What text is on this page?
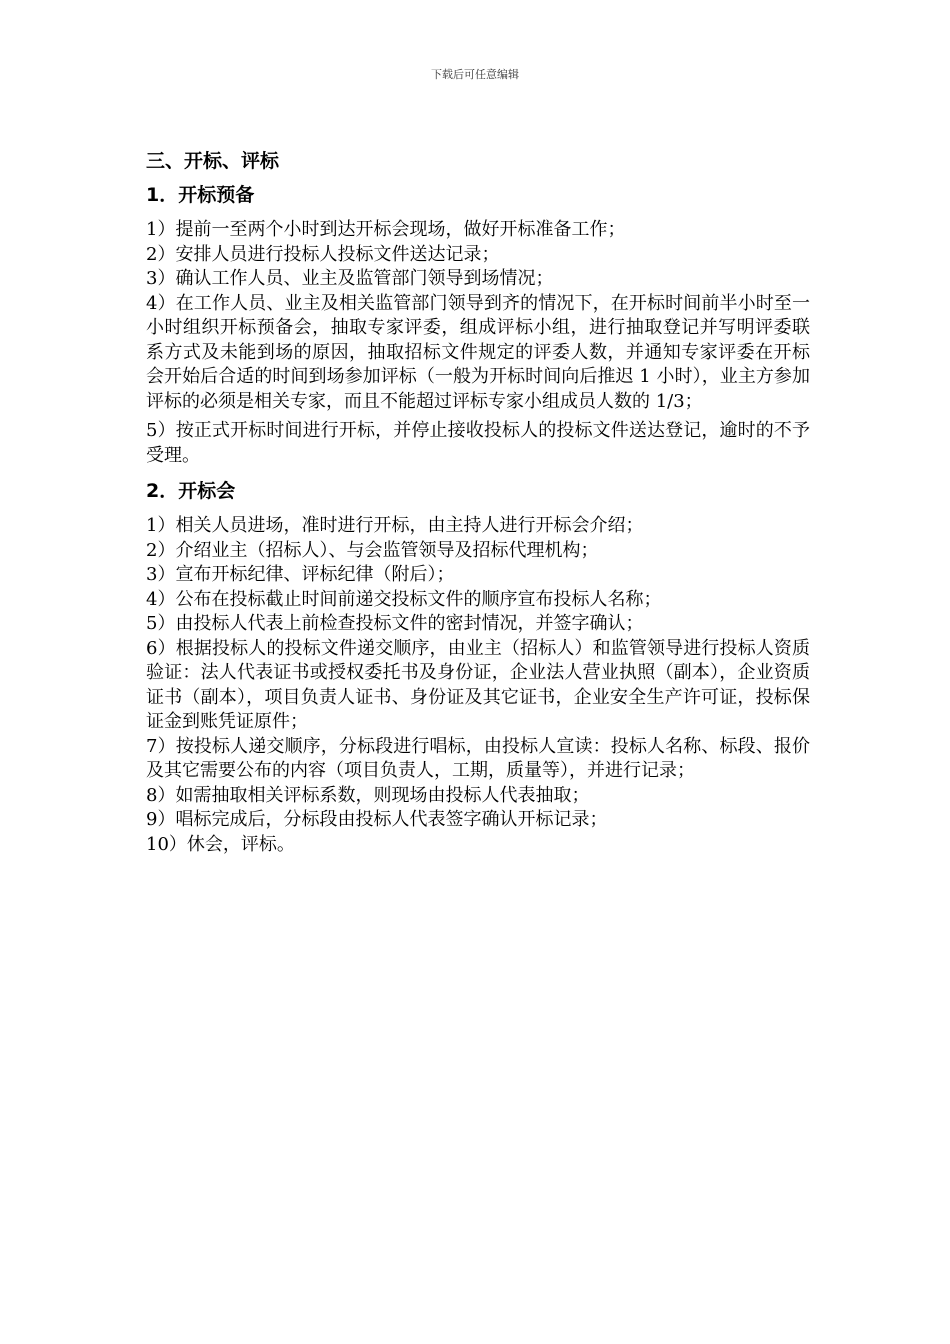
下载后可任意编辑
三、开标、评标
1．开标预备

1）提前一至两个小时到达开标会现场，做好开标准备工作；

2）安排人员进行投标人投标文件送达记录；

3）确认工作人员、业主及监管部门领导到场情况；

4）在工作人员、业主及相关监管部门领导到齐的情况下，在开标时间前半小时至一小时组织开标预备会，抽取专家评委，组成评标小组，进行抽取登记并写明评委联系方式及未能到场的原因，抽取招标文件规定的评委人数，并通知专家评委在开标会开始后合适的时间到场参加评标（一般为开标时间向后推迟 1 小时），业主方参加评标的必须是相关专家，而且不能超过评标专家小组成员人数的 1/3；

5）按正式开标时间进行开标，并停止接收投标人的投标文件送达登记，逾时的不予受理。

2．开标会

1）相关人员进场，准时进行开标，由主持人进行开标会介绍；

2）介绍业主（招标人）、与会监管领导及招标代理机构；

3）宣布开标纪律、评标纪律（附后）；

4）公布在投标截止时间前递交投标文件的顺序宣布投标人名称；

5）由投标人代表上前检查投标文件的密封情况，并签字确认；

6）根据投标人的投标文件递交顺序，由业主（招标人）和监管领导进行投标人资质验证：法人代表证书或授权委托书及身份证，企业法人营业执照（副本），企业资质证书（副本），项目负责人证书、身份证及其它证书，企业安全生产许可证，投标保证金到账凭证原件；

7）按投标人递交顺序，分标段进行唱标，由投标人宣读：投标人名称、标段、报价及其它需要公布的内容（项目负责人，工期，质量等），并进行记录；

8）如需抽取相关评标系数，则现场由投标人代表抽取；

9）唱标完成后，分标段由投标人代表签字确认开标记录；

10）休会，评标。
